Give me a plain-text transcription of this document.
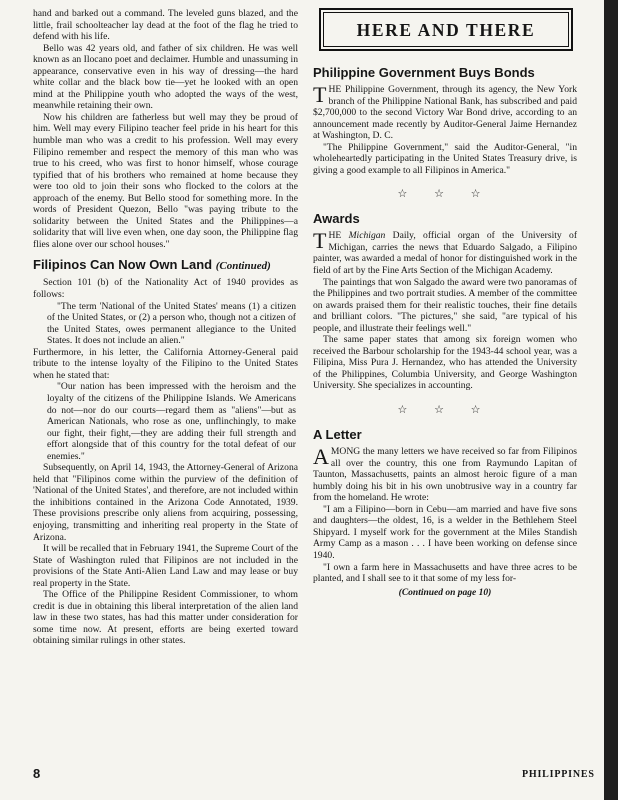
hand and barked out a command. The leveled guns blazed, and the little, frail schoolteacher lay dead at the foot of the flag he tried to defend with his life.

Bello was 42 years old, and father of six children. He was well known as an Ilocano poet and declaimer. Humble and unassuming in appearance, conservative even in his way of dressing—the hard white collar and the black bow tie—yet he looked with an open mind at the Philippine youth who adopted the ways of the west, meanwhile retaining their own.

Now his children are fatherless but well may they be proud of him. Well may every Filipino teacher feel pride in his heart for this humble man who was a credit to his profession. Well may every Filipino remember and respect the memory of this man who was true to his creed, who was first to honor himself, whose courage typified that of his brothers who remained at home because they were too old to join their sons who flocked to the colors at the approach of the enemy. But Bello stood for something more. In the words of President Quezon, Bello "was paying tribute to the solidarity between the United States and the Philippines—a solidarity that will live even when, one day soon, the Philippine flag flies alone over our school houses."

Filipinos Can Now Own Land (Continued)

Section 101 (b) of the Nationality Act of 1940 provides as follows:

"The term 'National of the United States' means (1) a citizen of the United States, or (2) a person who, though not a citizen of the United States, owes permanent allegiance to the United States. It does not include an alien."

Furthermore, in his letter, the California Attorney-General paid tribute to the intense loyalty of the Filipino to the United States when he stated that:

"Our nation has been impressed with the heroism and the loyalty of the citizens of the Philippine Islands. We Americans do not—nor do our courts—regard them as "aliens"—but as American Nationals, who rose as one, unflinchingly, to make our fight, their fight,—they are adding their full strength and effort alongside that of this country for the total defeat of our enemies."

Subsequently, on April 14, 1943, the Attorney-General of Arizona held that "Filipinos come within the purview of the definition of 'National of the United States', and therefore, are not included within the inhibitions contained in the Arizona Code Annotated, 1939. These provisions prescribe only aliens from acquiring, possessing, enjoying, transmitting and inheriting real property in the State of Arizona.

It will be recalled that in February 1941, the Supreme Court of the State of Washington ruled that Filipinos are not included in the provisions of the State Anti-Alien Land Law and may lease or buy real property in the State.

The Office of the Philippine Resident Commissioner, to whom credit is due in obtaining this liberal interpretation of the alien land law in these two states, has had this matter under consideration for some time now. At present, efforts are being exerted toward obtaining similar rulings in other states.

HERE AND THERE
Philippine Government Buys Bonds

THE Philippine Government, through its agency, the New York branch of the Philippine National Bank, has subscribed and paid $2,700,000 to the second Victory War Bond drive, according to an announcement made recently by Auditor-General Jaime Hernandez at Washington, D. C.

"The Philippine Government," said the Auditor-General, "in wholeheartedly participating in the United States Treasury drive, is giving a good example to all Filipinos in America."

☆ ☆ ☆
Awards

THE Michigan Daily, official organ of the University of Michigan, carries the news that Eduardo Salgado, a Filipino painter, was awarded a medal of honor for distinguished work in the field of art by the Fine Arts Section of the Michigan Academy.

The paintings that won Salgado the award were two panoramas of the Philippines and two portrait studies. A member of the committee on awards praised them for their realistic touches, their fine details and brilliant colors. "The pictures," she said, "are typical of his people, and illustrate their feelings well."

The same paper states that among six foreign women who received the Barbour scholarship for the 1943-44 school year, was a Filipina, Miss Pura J. Hernandez, who has attended the University of the Philippines, Columbia University, and George Washington University. She specializes in accounting.

☆ ☆ ☆
A Letter

AMONG the many letters we have received so far from Filipinos all over the country, this one from Raymundo Lapitan of Taunton, Massachusetts, paints an almost heroic figure of a man humbly doing his bit in his own unobtrusive way in a country far from the homeland. He wrote:

"I am a Filipino—born in Cebu—am married and have five sons and daughters—the oldest, 16, is a welder in the Bethlehem Steel Shipyard. I myself work for the government at the Miles Standish Army Camp as a mason . . . I have been working on defense since 1940.

"I own a farm here in Massachusetts and have three acres to be planted, and I shall see to it that some of my less for-

(Continued on page 10)
8	PHILIPPINES
